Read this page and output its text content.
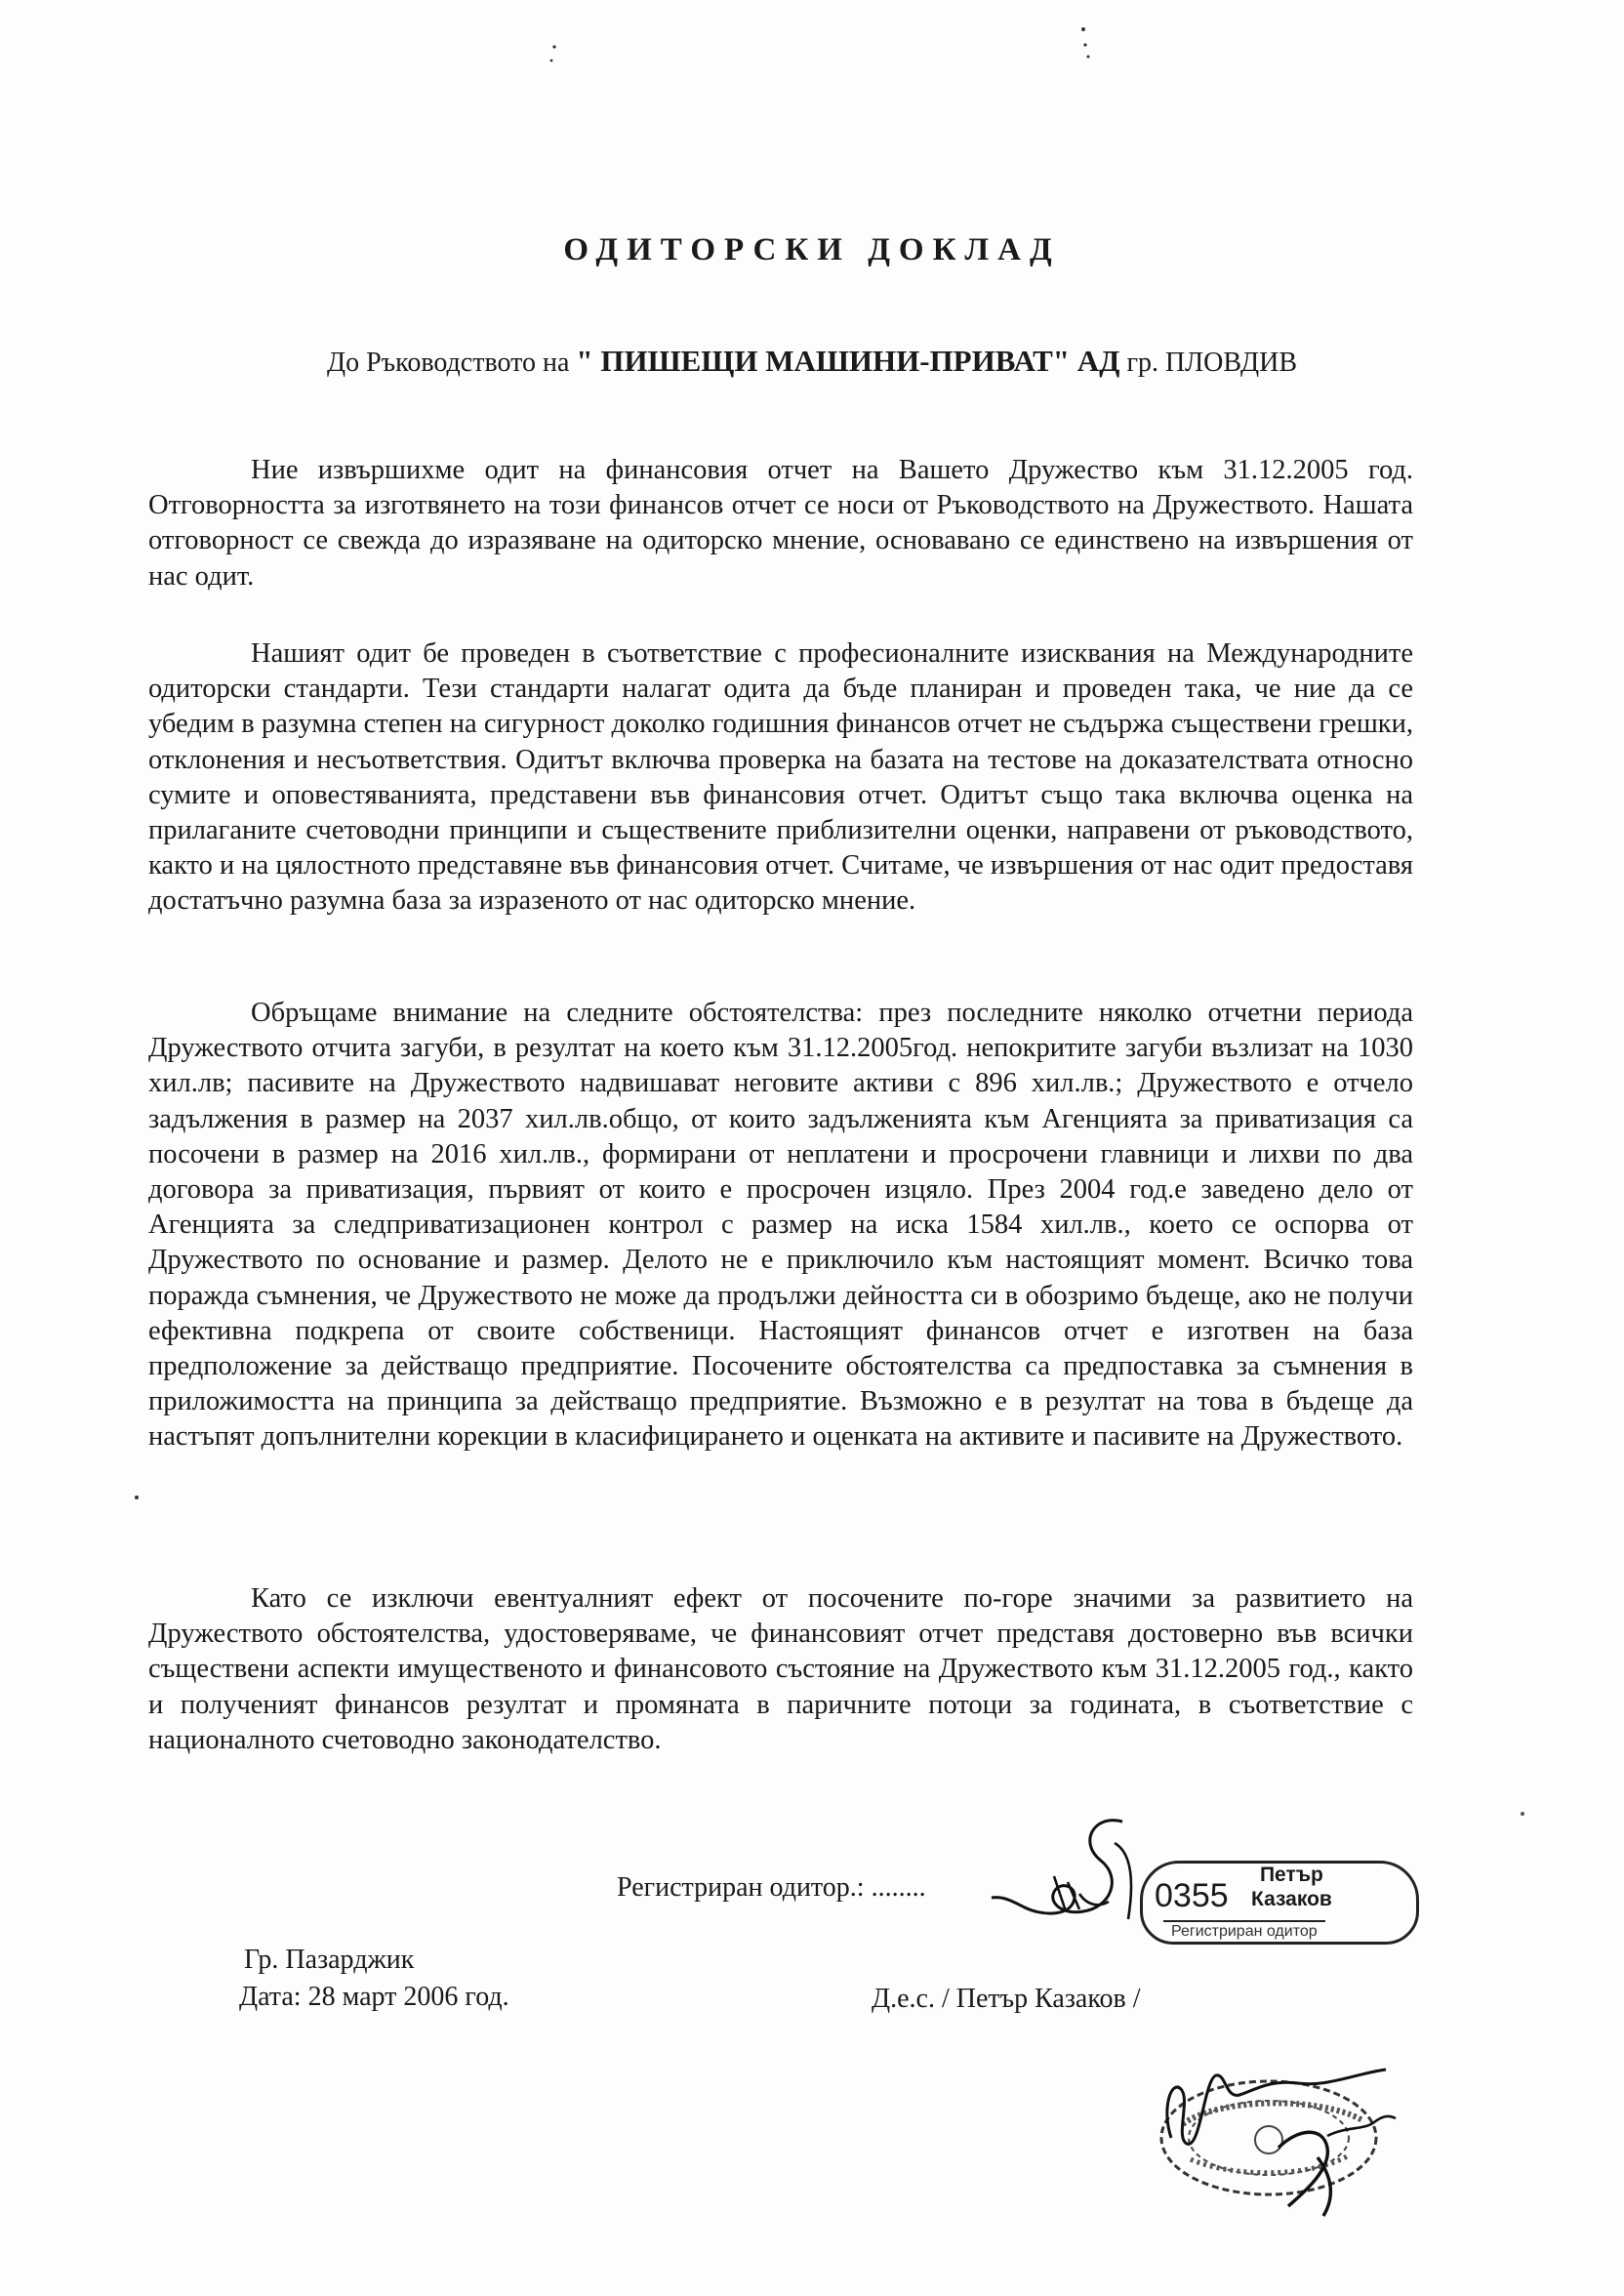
ОДИТОРСКИ ДОКЛАД
До Ръководството на " ПИШЕЩИ МАШИНИ-ПРИВАТ" АД гр. ПЛОВДИВ

Ние извършихме одит на финансовия отчет на Вашето Дружество към 31.12.2005 год. Отговорността за изготвянето на този финансов отчет се носи от Ръководството на Дружеството. Нашата отговорност се свежда до изразяване на одиторско мнение, основавано се единствено на извършения от нас одит.

Нашият одит бе проведен в съответствие с професионалните изисквания на Международните одиторски стандарти. Тези стандарти налагат одита да бъде планиран и проведен така, че ние да се убедим в разумна степен на сигурност доколко годишния финансов отчет не съдържа съществени грешки, отклонения и несъответствия. Одитът включва проверка на базата на тестове на доказателствата относно сумите и оповестяванията, представени във финансовия отчет. Одитът също така включва оценка на прилаганите счетоводни принципи и съществените приблизителни оценки, направени от ръководството, както и на цялостното представяне във финансовия отчет. Считаме, че извършения от нас одит предоставя достатъчно разумна база за изразеното от нас одиторско мнение.

Обръщаме внимание на следните обстоятелства: през последните няколко отчетни периода Дружеството отчита загуби, в резултат на което към 31.12.2005год. непокритите загуби възлизат на 1030 хил.лв; пасивите на Дружеството надвишават неговите активи с 896 хил.лв.; Дружеството е отчело задължения в размер на 2037 хил.лв.общо, от които задълженията към Агенцията за приватизация са посочени в размер на 2016 хил.лв., формирани от неплатени и просрочени главници и лихви по два договора за приватизация, първият от които е просрочен изцяло. През 2004 год.е заведено дело от Агенцията за следприватизационен контрол с размер на иска 1584 хил.лв., което се оспорва от Дружеството по основание и размер. Делото не е приключило към настоящият момент. Всичко това поражда съмнения, че Дружеството не може да продължи дейността си в обозримо бъдеще, ако не получи ефективна подкрепа от своите собственици. Настоящият финансов отчет е изготвен на база предположение за действащо предприятие. Посочените обстоятелства са предпоставка за съмнения в приложимостта на принципа за действащо предприятие. Възможно е в резултат на това в бъдеще да настъпят допълнителни корекции в класифицирането и оценката на активите и пасивите на Дружеството.

Като се изключи евентуалният ефект от посочените по-горе значими за развитието на Дружеството обстоятелства, удостоверяваме, че финансовият отчет представя достоверно във всички съществени аспекти имущественото и финансовото състояние на Дружеството към 31.12.2005 год., както и полученият финансов резултат и промяната в паричните потоци за годината, в съответствие с националното счетоводно законодателство.

Регистриран одитор.: ........	0355
Петър
Казаков
Регистриран одитор
Гр. Пазарджик
Дата: 28 март 2006 год.	Д.е.с. / Петър Казаков /
